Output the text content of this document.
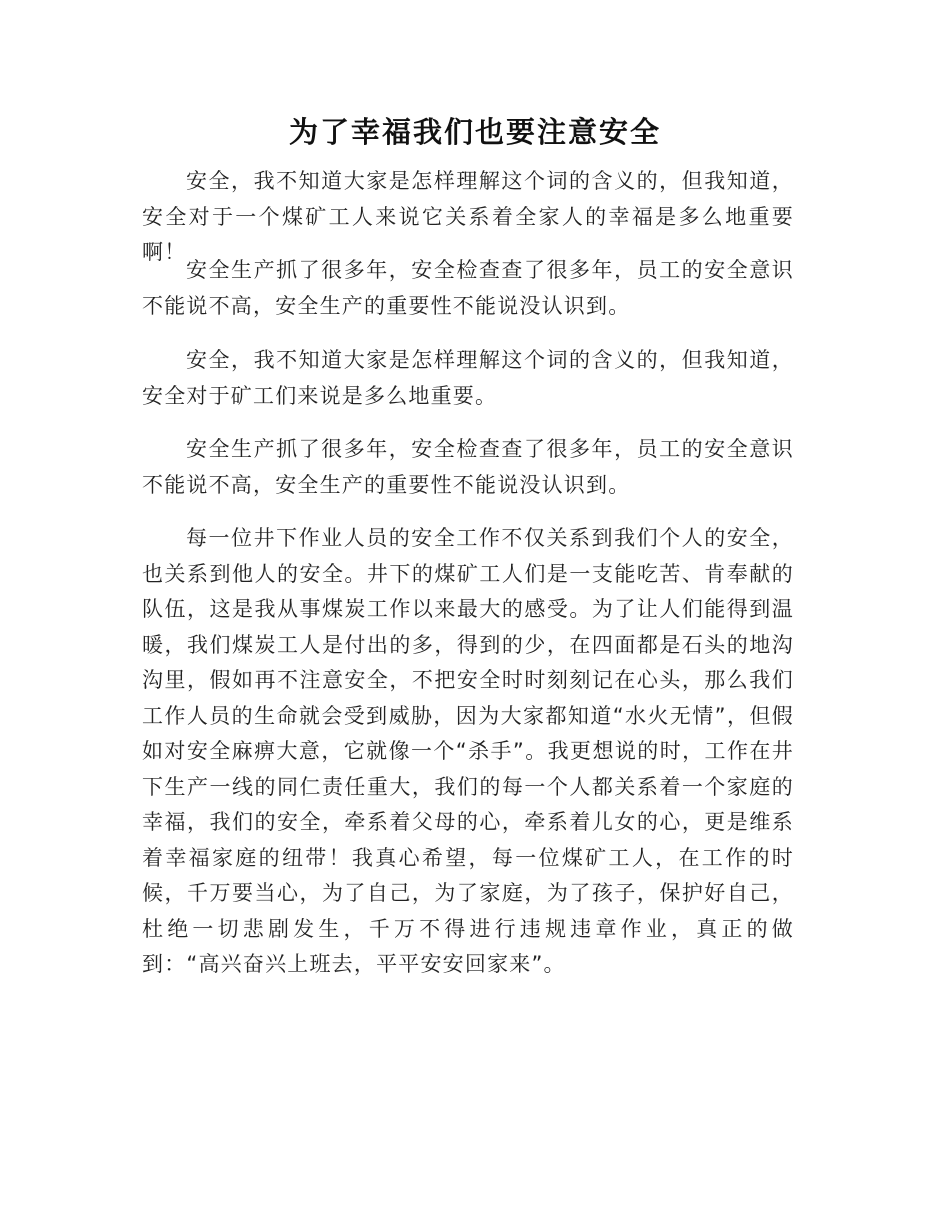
为了幸福我们也要注意安全

安全，我不知道大家是怎样理解这个词的含义的，但我知道，安全对于一个煤矿工人来说它关系着全家人的幸福是多么地重要啊！

安全生产抓了很多年，安全检查查了很多年，员工的安全意识不能说不高，安全生产的重要性不能说没认识到。

安全，我不知道大家是怎样理解这个词的含义的，但我知道，安全对于矿工们来说是多么地重要。

安全生产抓了很多年，安全检查查了很多年，员工的安全意识不能说不高，安全生产的重要性不能说没认识到。

每一位井下作业人员的安全工作不仅关系到我们个人的安全，也关系到他人的安全。井下的煤矿工人们是一支能吃苦、肯奉献的队伍，这是我从事煤炭工作以来最大的感受。为了让人们能得到温暖，我们煤炭工人是付出的多，得到的少，在四面都是石头的地沟沟里，假如再不注意安全，不把安全时时刻刻记在心头，那么我们工作人员的生命就会受到威胁，因为大家都知道“水火无情”，但假如对安全麻痹大意，它就像一个“杀手”。我更想说的时，工作在井下生产一线的同仁责任重大，我们的每一个人都关系着一个家庭的幸福，我们的安全，牵系着父母的心，牵系着儿女的心，更是维系着幸福家庭的纽带！我真心希望，每一位煤矿工人，在工作的时候，千万要当心，为了自己，为了家庭，为了孩子，保护好自己，杜绝一切悲剧发生，千万不得进行违规违章作业，真正的做到：“高兴奋兴上班去，平平安安回家来”。
